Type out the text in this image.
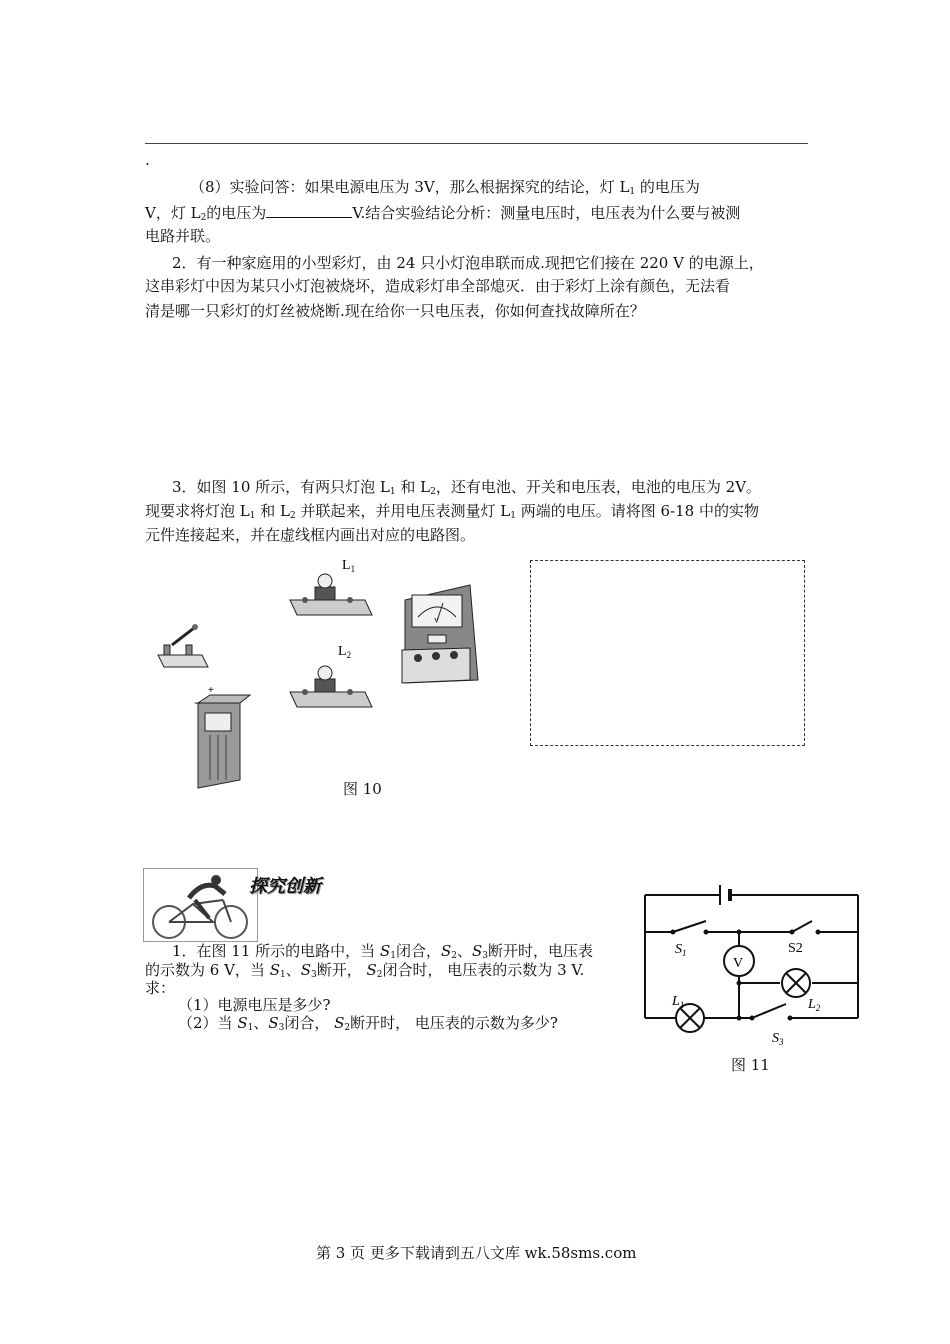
.
（8）实验问答：如果电源电压为 3V，那么根据探究的结论，灯 $L_1$ 的电压为
V，灯 $L_2$的电压为	V.结合实验结论分析：测量电压时，电压表为什么要与被测
电路并联。
2．有一种家庭用的小型彩灯，由 24 只小灯泡串联而成.现把它们接在 220 V 的电源上，
这串彩灯中因为某只小灯泡被烧坏，造成彩灯串全部熄灭．由于彩灯上涂有颜色，无法看
清是哪一只彩灯的灯丝被烧断.现在给你一只电压表，你如何查找故障所在？
3．如图 10 所示，有两只灯泡 $L_1$ 和 $L_2$，还有电池、开关和电压表，电池的电压为 2V。
现要求将灯泡 $L_1$ 和 $L_2$ 并联起来，并用电压表测量灯 $L_1$ 两端的电压。请将图 6-18 中的实物
元件连接起来，并在虚线框内画出对应的电路图。
$L_1$
$L_2$
+
−
V
图 10
探究创新
1．在图 11 所示的电路中，当 $S_1$闭合，$S_2$、$S_3$断开时，电压表
的示数为 6 V，当 $S_1$、$S_3$断开， $S_2$闭合时， 电压表的示数为 3 V.
求：
（1）电源电压是多少?
（2）当 $S_1$、$S_3$闭合， $S_2$断开时， 电压表的示数为多少?
V
$S_1$	S2
$S_3$
$L_1$	$L_2$
图 11
第 3 页 更多下载请到五八文库 wk.58sms.com
